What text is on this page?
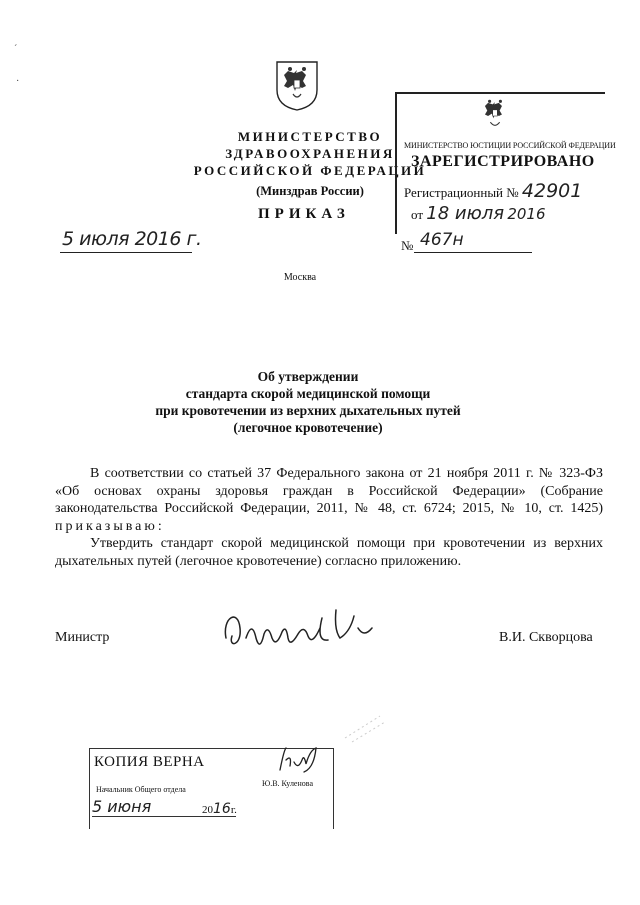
´
·
МИНИСТЕРСТВО ЗДРАВООХРАНЕНИЯ
РОССИЙСКОЙ ФЕДЕРАЦИИ
(Минздрав России)
МИНИСТЕРСТВО ЮСТИЦИИ РОССИЙСКОЙ ФЕДЕРАЦИИ
ЗАРЕГИСТРИРОВАНО
Регистрационный № 42901
от 18 июля 2016
ПРИКАЗ
5 июля 2016 г.	№ 467н
Москва
Об утверждении
стандарта скорой медицинской помощи
при кровотечении из верхних дыхательных путей
(легочное кровотечение)

В соответствии со статьей 37 Федерального закона от 21 ноября 2011 г. № 323-ФЗ «Об основах охраны здоровья граждан в Российской Федерации» (Собрание законодательства Российской Федерации, 2011, № 48, ст. 6724; 2015, № 10, ст. 1425) приказываю:

Утвердить стандарт скорой медицинской помощи при кровотечении из верхних дыхательных путей (легочное кровотечение) согласно приложению.

Министр	В.И. Скворцова
КОПИЯ ВЕРНА
Начальник Общего отдела
Ю.В. Куленова
5 июня	2016г.
